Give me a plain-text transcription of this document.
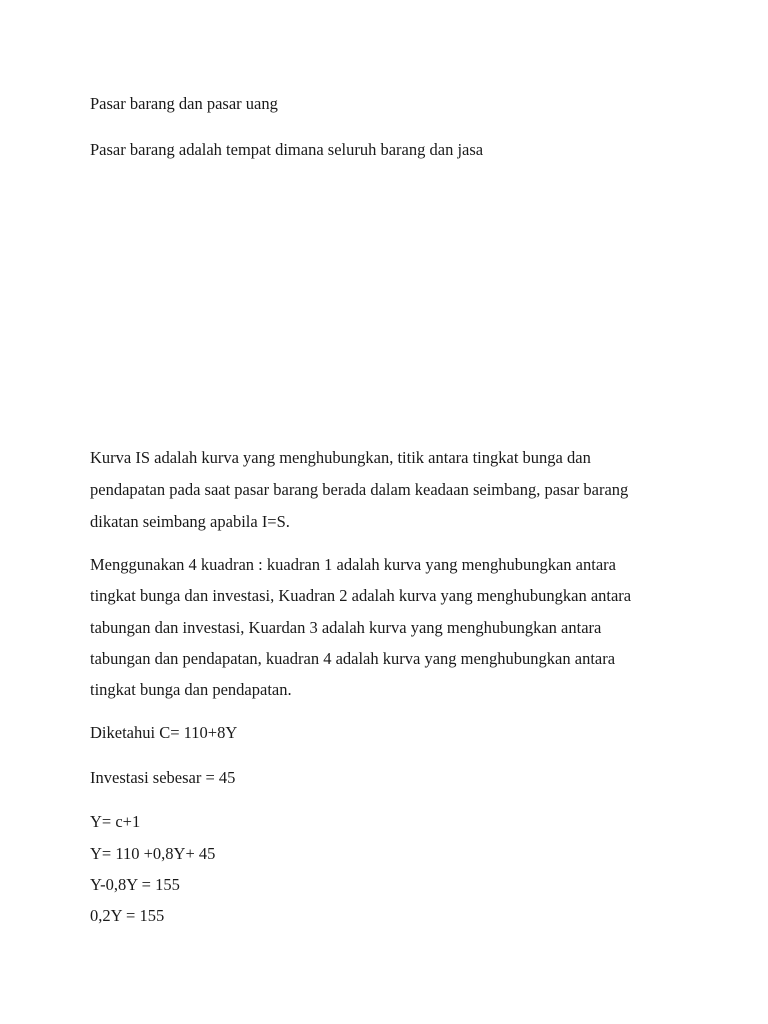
Pasar barang dan pasar uang

Pasar barang adalah tempat dimana seluruh barang dan jasa

Kurva IS adalah kurva yang menghubungkan, titik antara tingkat bunga dan

pendapatan pada saat pasar barang berada dalam keadaan seimbang, pasar barang

dikatan seimbang apabila I=S.

Menggunakan 4 kuadran : kuadran 1 adalah kurva yang menghubungkan antara

tingkat bunga dan investasi, Kuadran 2 adalah kurva yang menghubungkan antara

tabungan dan investasi, Kuardan 3 adalah kurva yang menghubungkan antara

tabungan dan pendapatan, kuadran 4 adalah kurva yang menghubungkan antara

tingkat bunga dan pendapatan.

Diketahui C= 110+8Y

Investasi sebesar = 45

Y= c+1

Y= 110 +0,8Y+ 45

Y-0,8Y = 155

0,2Y = 155
